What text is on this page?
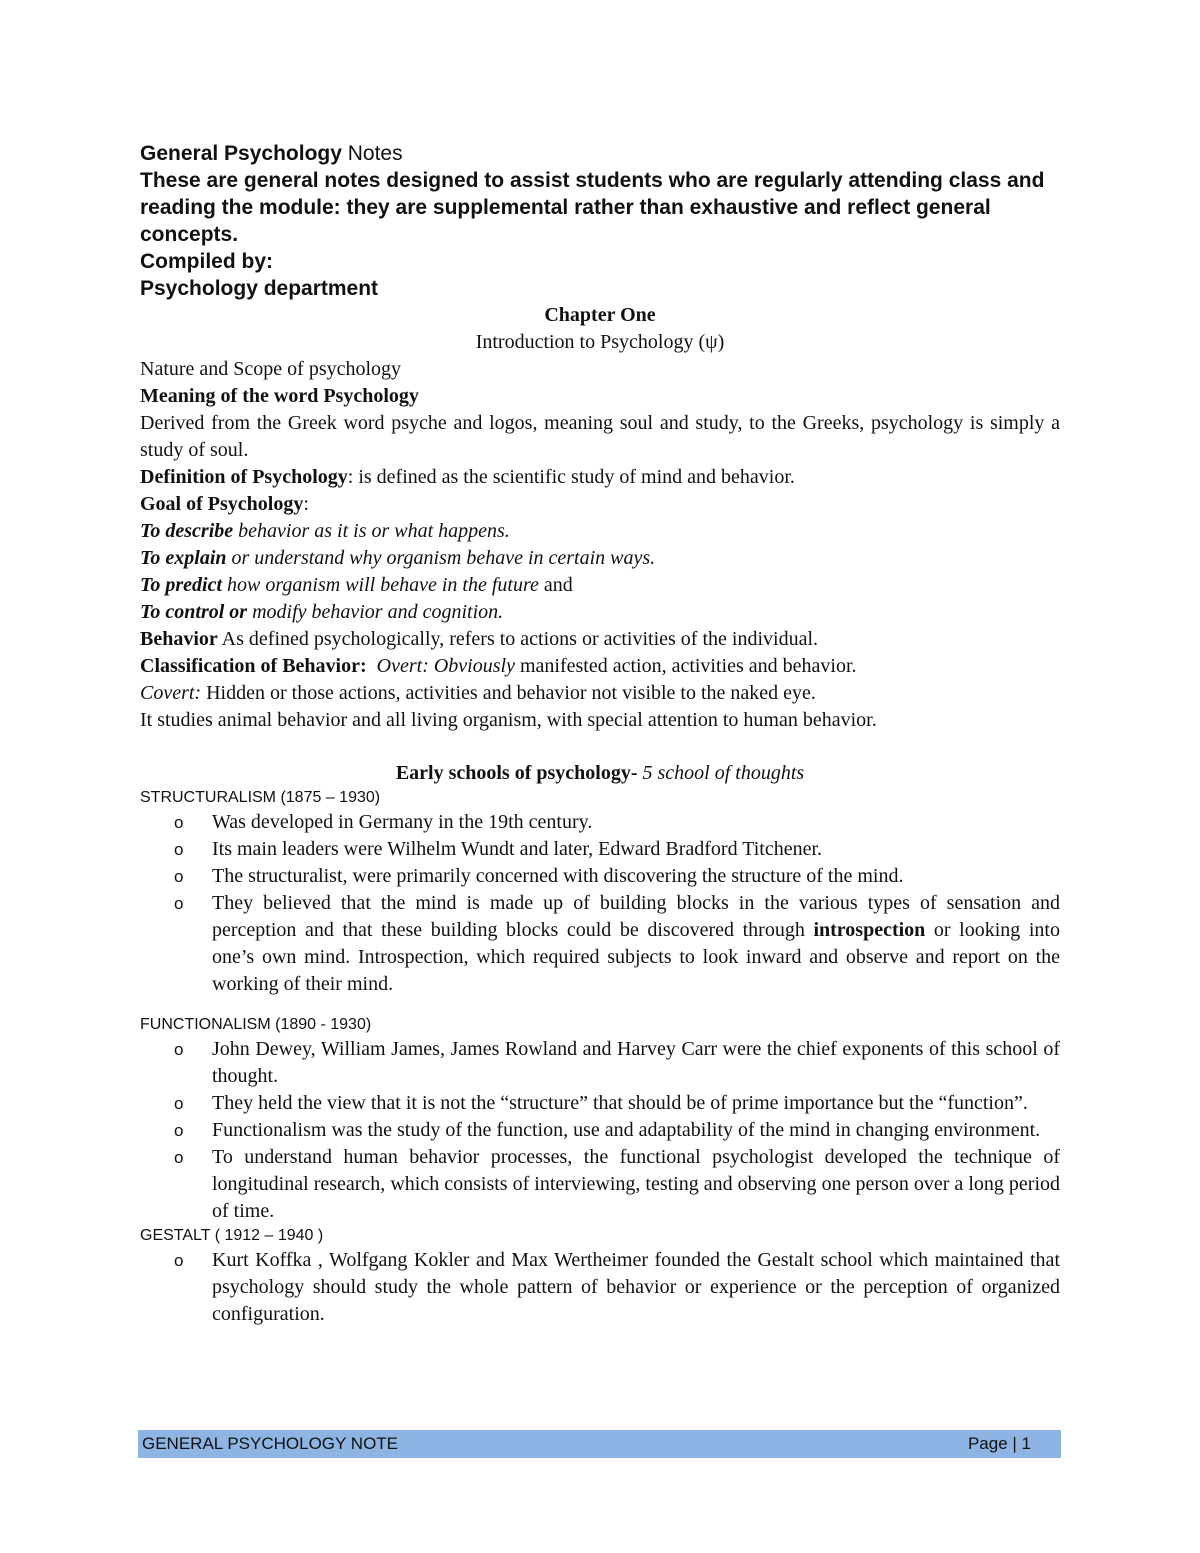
General Psychology Notes

These are general notes designed to assist students who are regularly attending class and reading the module: they are supplemental rather than exhaustive and reflect general concepts.

Compiled by:

Psychology department

Chapter One

Introduction to Psychology (ψ)

Nature and Scope of psychology

Meaning of the word Psychology

Derived from the Greek word psyche and logos, meaning soul and study, to the Greeks, psychology is simply a study of soul.

Definition of Psychology: is defined as the scientific study of mind and behavior.

Goal of Psychology:

To describe behavior as it is or what happens.

To explain or understand why organism behave in certain ways.

To predict how organism will behave in the future and

To control or modify behavior and cognition.

Behavior As defined psychologically, refers to actions or activities of the individual.

Classification of Behavior: Overt: Obviously manifested action, activities and behavior.

Covert: Hidden or those actions, activities and behavior not visible to the naked eye.

It studies animal behavior and all living organism, with special attention to human behavior.

Early schools of psychology- 5 school of thoughts

STRUCTURALISM (1875 – 1930)

o Was developed in Germany in the 19th century.
o Its main leaders were Wilhelm Wundt and later, Edward Bradford Titchener.
o The structuralist, were primarily concerned with discovering the structure of the mind.
o They believed that the mind is made up of building blocks in the various types of sensation and perception and that these building blocks could be discovered through introspection or looking into one’s own mind. Introspection, which required subjects to look inward and observe and report on the working of their mind.

FUNCTIONALISM (1890 - 1930)

o John Dewey, William James, James Rowland and Harvey Carr were the chief exponents of this school of thought.
o They held the view that it is not the “structure” that should be of prime importance but the “function”.
o Functionalism was the study of the function, use and adaptability of the mind in changing environment.
o To understand human behavior processes, the functional psychologist developed the technique of longitudinal research, which consists of interviewing, testing and observing one person over a long period of time.

GESTALT ( 1912 – 1940 )

o Kurt Koffka , Wolfgang Kokler and Max Wertheimer founded the Gestalt school which maintained that psychology should study the whole pattern of behavior or experience or the perception of organized configuration.
GENERAL PSYCHOLOGY NOTE	Page | 1
